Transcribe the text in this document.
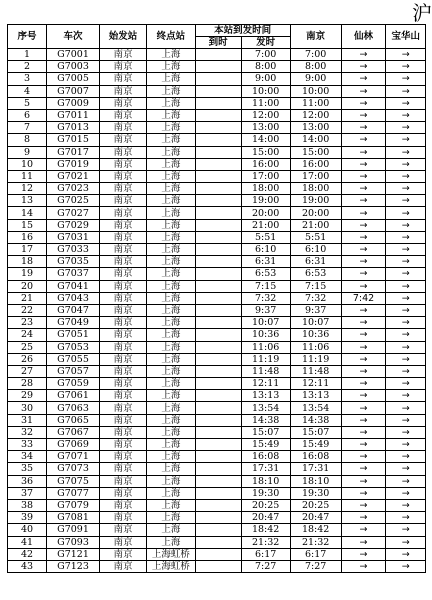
沪
序号	车次	始发站	终点站	本站到发时间		南京	仙林	宝华山
				到时	发时			
1	G7001	南京	上海		7:00	7:00	→	→
2	G7003	南京	上海		8:00	8:00	→	→
3	G7005	南京	上海		9:00	9:00	→	→
4	G7007	南京	上海		10:00	10:00	→	→
5	G7009	南京	上海		11:00	11:00	→	→
6	G7011	南京	上海		12:00	12:00	→	→
7	G7013	南京	上海		13:00	13:00	→	→
8	G7015	南京	上海		14:00	14:00	→	→
9	G7017	南京	上海		15:00	15:00	→	→
10	G7019	南京	上海		16:00	16:00	→	→
11	G7021	南京	上海		17:00	17:00	→	→
12	G7023	南京	上海		18:00	18:00	→	→
13	G7025	南京	上海		19:00	19:00	→	→
14	G7027	南京	上海		20:00	20:00	→	→
15	G7029	南京	上海		21:00	21:00	→	→
16	G7031	南京	上海		5:51	5:51	→	→
17	G7033	南京	上海		6:10	6:10	→	→
18	G7035	南京	上海		6:31	6:31	→	→
19	G7037	南京	上海		6:53	6:53	→	→
20	G7041	南京	上海		7:15	7:15	→	→
21	G7043	南京	上海		7:32	7:32	7:42	→
22	G7047	南京	上海		9:37	9:37	→	→
23	G7049	南京	上海		10:07	10:07	→	→
24	G7051	南京	上海		10:36	10:36	→	→
25	G7053	南京	上海		11:06	11:06	→	→
26	G7055	南京	上海		11:19	11:19	→	→
27	G7057	南京	上海		11:48	11:48	→	→
28	G7059	南京	上海		12:11	12:11	→	→
29	G7061	南京	上海		13:13	13:13	→	→
30	G7063	南京	上海		13:54	13:54	→	→
31	G7065	南京	上海		14:38	14:38	→	→
32	G7067	南京	上海		15:07	15:07	→	→
33	G7069	南京	上海		15:49	15:49	→	→
34	G7071	南京	上海		16:08	16:08	→	→
35	G7073	南京	上海		17:31	17:31	→	→
36	G7075	南京	上海		18:10	18:10	→	→
37	G7077	南京	上海		19:30	19:30	→	→
38	G7079	南京	上海		20:25	20:25	→	→
39	G7081	南京	上海		20:47	20:47	→	→
40	G7091	南京	上海		18:42	18:42	→	→
41	G7093	南京	上海		21:32	21:32	→	→
42	G7121	南京	上海虹桥		6:17	6:17	→	→
43	G7123	南京	上海虹桥		7:27	7:27	→	→
